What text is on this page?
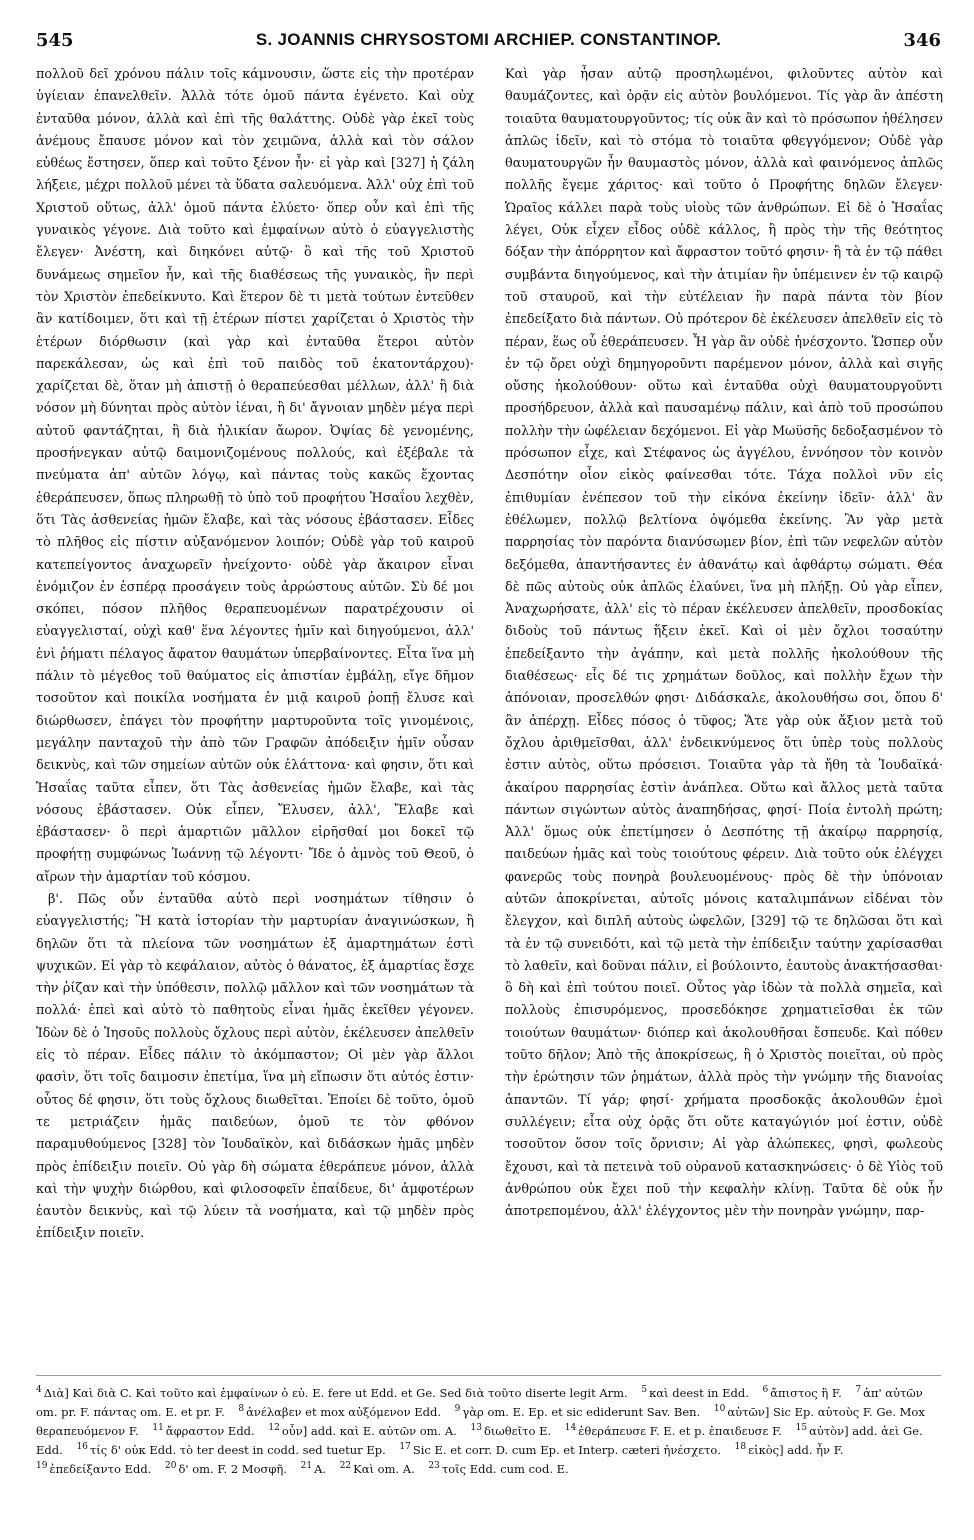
545	S. JOANNIS CHRYSOSTOMI ARCHIEP. CONSTANTINOP.	346

πολλοῦ δεῖ χρόνου πάλιν τοῖς κάμνουσιν, ὥστε εἰς τὴν προτέραν ὑγίειαν ἐπανελθεῖν. Ἀλλὰ τότε ὁμοῦ πάντα ἐγένετο. Καὶ οὐχ ἐνταῦθα μόνον, ἀλλὰ καὶ ἐπὶ τῆς θαλάττης. Οὐδὲ γὰρ ἐκεῖ τοὺς ἀνέμους ἔπαυσε μόνον καὶ τὸν χειμῶνα, ἀλλὰ καὶ τὸν σάλον εὐθέως ἔστησεν, ὅπερ καὶ τοῦτο ξένον ἦν· εἰ γὰρ καὶ [327] ἡ ζάλη λήξειε, μέχρι πολλοῦ μένει τὰ ὕδατα σαλευόμενα. Ἀλλ' οὐχ ἐπὶ τοῦ Χριστοῦ οὕτως, ἀλλ' ὁμοῦ πάντα ἐλύετο· ὅπερ οὖν καὶ ἐπὶ τῆς γυναικὸς γέγονε. Διὰ τοῦτο καὶ ἐμφαίνων αὐτὸ ὁ εὐαγγελιστὴς ἔλεγεν· Ἀνέστη, καὶ διηκόνει αὐτῷ· ὃ καὶ τῆς τοῦ Χριστοῦ δυνάμεως σημεῖον ἦν, καὶ τῆς διαθέσεως τῆς γυναικὸς, ἣν περὶ τὸν Χριστὸν ἐπεδείκνυτο. Καὶ ἕτερον δὲ τι μετὰ τούτων ἐντεῦθεν ἂν κατίδοιμεν, ὅτι καὶ τῇ ἑτέρων πίστει χαρίζεται ὁ Χριστὸς τὴν ἑτέρων διόρθωσιν (καὶ γὰρ καὶ ἐνταῦθα ἕτεροι αὐτὸν παρεκάλεσαν, ὡς καὶ ἐπὶ τοῦ παιδὸς τοῦ ἑκατοντάρχου)· χαρίζεται δὲ, ὅταν μὴ ἀπιστῇ ὁ θεραπεύεσθαι μέλλων, ἀλλ' ἢ διὰ νόσον μὴ δύνηται πρὸς αὐτὸν ἰέναι, ἢ δι' ἄγνοιαν μηδὲν μέγα περὶ αὐτοῦ φαντάζηται, ἢ διὰ ἡλικίαν ἄωρον. Ὀψίας δὲ γενομένης, προσήνεγκαν αὐτῷ δαιμονιζομένους πολλούς, καὶ ἐξέβαλε τὰ πνεύματα ἀπ' αὐτῶν λόγῳ, καὶ πάντας τοὺς κακῶς ἔχοντας ἐθεράπευσεν, ὅπως πληρωθῇ τὸ ὑπὸ τοῦ προφήτου Ἡσαΐου λεχθὲν, ὅτι Τὰς ἀσθενείας ἡμῶν ἔλαβε, καὶ τὰς νόσους ἐβάστασεν. Εἶδες τὸ πλῆθος εἰς πίστιν αὐξανόμενον λοιπόν; Οὐδὲ γὰρ τοῦ καιροῦ κατεπείγοντος ἀναχωρεῖν ἠνείχοντο· οὐδὲ γὰρ ἄκαιρον εἶναι ἐνόμιζον ἐν ἑσπέρᾳ προσάγειν τοὺς ἀρρώστους αὐτῶν. Σὺ δέ μοι σκόπει, πόσον πλῆθος θεραπευομένων παρατρέχουσιν οἱ εὐαγγελισταί, οὐχὶ καθ' ἕνα λέγοντες ἡμῖν καὶ διηγούμενοι, ἀλλ' ἑνὶ ῥήματι πέλαγος ἄφατον θαυμάτων ὑπερβαίνοντες. Εἶτα ἵνα μὴ πάλιν τὸ μέγεθος τοῦ θαύματος εἰς ἀπιστίαν ἐμβάλῃ, εἴγε δῆμον τοσοῦτον καὶ ποικίλα νοσήματα ἐν μιᾷ καιροῦ ῥοπῇ ἔλυσε καὶ διώρθωσεν, ἐπάγει τὸν προφήτην μαρτυροῦντα τοῖς γινομένοις, μεγάλην πανταχοῦ τὴν ἀπὸ τῶν Γραφῶν ἀπόδειξιν ἡμῖν οὖσαν δεικνὺς, καὶ τῶν σημείων αὐτῶν οὐκ ἐλάττονα· καὶ φησιν, ὅτι καὶ Ἡσαΐας ταῦτα εἶπεν, ὅτι Τὰς ἀσθενείας ἡμῶν ἔλαβε, καὶ τὰς νόσους ἐβάστασεν. Οὐκ εἶπεν, Ἔλυσεν, ἀλλ', Ἔλαβε καὶ ἐβάστασεν· ὃ περὶ ἁμαρτιῶν μᾶλλον εἰρῆσθαί μοι δοκεῖ τῷ προφήτῃ συμφώνως Ἰωάννῃ τῷ λέγοντι· Ἴδε ὁ ἀμνὸς τοῦ Θεοῦ, ὁ αἴρων τὴν ἁμαρτίαν τοῦ κόσμου.

β'. Πῶς οὖν ἐνταῦθα αὐτὸ περὶ νοσημάτων τίθησιν ὁ εὐαγγελιστής; Ἢ κατὰ ἱστορίαν τὴν μαρτυρίαν ἀναγινώσκων, ἢ δηλῶν ὅτι τὰ πλείονα τῶν νοσημάτων ἐξ ἁμαρτημάτων ἐστὶ ψυχικῶν. Εἰ γὰρ τὸ κεφάλαιον, αὐτὸς ὁ θάνατος, ἐξ ἁμαρτίας ἔσχε τὴν ῥίζαν καὶ τὴν ὑπόθεσιν, πολλῷ μᾶλλον καὶ τῶν νοσημάτων τὰ πολλά· ἐπεὶ καὶ αὐτὸ τὸ παθητοὺς εἶναι ἡμᾶς ἐκεῖθεν γέγονεν. Ἰδὼν δὲ ὁ Ἰησοῦς πολλοὺς ὄχλους περὶ αὐτὸν, ἐκέλευσεν ἀπελθεῖν εἰς τὸ πέραν. Εἶδες πάλιν τὸ ἀκόμπαστον; Οἱ μὲν γὰρ ἄλλοι φασὶν, ὅτι τοῖς δαιμοσιν ἐπετίμα, ἵνα μὴ εἴπωσιν ὅτι αὐτός ἐστιν· οὗτος δέ φησιν, ὅτι τοὺς ὄχλους διωθεῖται. Ἐποίει δὲ τοῦτο, ὁμοῦ τε μετριάζειν ἡμᾶς παιδεύων, ὁμοῦ τε τὸν φθόνον παραμυθούμενος [328] τὸν Ἰουδαϊκὸν, καὶ διδάσκων ἡμᾶς μηδὲν πρὸς ἐπίδειξιν ποιεῖν. Οὐ γὰρ δὴ σώματα ἐθεράπευε μόνον, ἀλλὰ καὶ τὴν ψυχὴν διώρθου, καὶ φιλοσοφεῖν ἐπαίδευε, δι' ἀμφοτέρων ἑαυτὸν δεικνὺς, καὶ τῷ λύειν τὰ νοσήματα, καὶ τῷ μηδὲν πρὸς ἐπίδειξιν ποιεῖν.

Καὶ γὰρ ἦσαν αὐτῷ προσηλωμένοι, φιλοῦντες αὐτὸν καὶ θαυμάζοντες, καὶ ὁρᾷν εἰς αὐτὸν βουλόμενοι. Τίς γὰρ ἂν ἀπέστη τοιαῦτα θαυματουργοῦντος; τίς οὐκ ἂν καὶ τὸ πρόσωπον ἠθέλησεν ἁπλῶς ἰδεῖν, καὶ τὸ στόμα τὸ τοιαῦτα φθεγγόμενον; Οὐδὲ γὰρ θαυματουργῶν ἦν θαυμαστὸς μόνον, ἀλλὰ καὶ φαινόμενος ἁπλῶς πολλῆς ἔγεμε χάριτος· καὶ τοῦτο ὁ Προφήτης δηλῶν ἔλεγεν· Ὡραῖος κάλλει παρὰ τοὺς υἱοὺς τῶν ἀνθρώπων. Εἰ δὲ ὁ Ἡσαΐας λέγει, Οὐκ εἶχεν εἶδος οὐδὲ κάλλος, ἢ πρὸς τὴν τῆς θεότητος δόξαν τὴν ἀπόρρητον καὶ ἄφραστον τοῦτό φησιν· ἢ τὰ ἐν τῷ πάθει συμβάντα διηγούμενος, καὶ τὴν ἀτιμίαν ἣν ὑπέμεινεν ἐν τῷ καιρῷ τοῦ σταυροῦ, καὶ τὴν εὐτέλειαν ἣν παρὰ πάντα τὸν βίον ἐπεδείξατο διὰ πάντων. Οὐ πρότερον δὲ ἐκέλευσεν ἀπελθεῖν εἰς τὸ πέραν, ἕως οὗ ἐθεράπευσεν. Ἦ γὰρ ἂν οὐδὲ ἠνέσχοντο. Ὥσπερ οὖν ἐν τῷ ὄρει οὐχὶ δημηγοροῦντι παρέμενον μόνον, ἀλλὰ καὶ σιγῆς οὔσης ἠκολούθουν· οὕτω καὶ ἐνταῦθα οὐχὶ θαυματουργοῦντι προσήδρευον, ἀλλὰ καὶ παυσαμένῳ πάλιν, καὶ ἀπὸ τοῦ προσώπου πολλὴν τὴν ὠφέλειαν δεχόμενοι. Εἰ γὰρ Μωϋσῆς δεδοξασμένον τὸ πρόσωπον εἶχε, καὶ Στέφανος ὡς ἀγγέλου, ἐννόησον τὸν κοινὸν Δεσπότην οἷον εἰκὸς φαίνεσθαι τότε. Τάχα πολλοὶ νῦν εἰς ἐπιθυμίαν ἐνέπεσον τοῦ τὴν εἰκόνα ἐκείνην ἰδεῖν· ἀλλ' ἂν ἐθέλωμεν, πολλῷ βελτίονα ὀψόμεθα ἐκείνης. Ἂν γὰρ μετὰ παρρησίας τὸν παρόντα διανύσωμεν βίον, ἐπὶ τῶν νεφελῶν αὐτὸν δεξόμεθα, ἀπαντήσαντες ἐν ἀθανάτῳ καὶ ἀφθάρτῳ σώματι. Θέα δὲ πῶς αὐτοὺς οὐκ ἁπλῶς ἐλαύνει, ἵνα μὴ πλήξῃ. Οὐ γὰρ εἶπεν, Ἀναχωρήσατε, ἀλλ' εἰς τὸ πέραν ἐκέλευσεν ἀπελθεῖν, προσδοκίας διδοὺς τοῦ πάντως ἥξειν ἐκεῖ. Καὶ οἱ μὲν ὄχλοι τοσαύτην ἐπεδείξαντο τὴν ἀγάπην, καὶ μετὰ πολλῆς ἠκολούθουν τῆς διαθέσεως· εἷς δέ τις χρημάτων δοῦλος, καὶ πολλὴν ἔχων τὴν ἀπόνοιαν, προσελθών φησι· Διδάσκαλε, ἀκολουθήσω σοι, ὅπου δ' ἂν ἀπέρχῃ. Εἶδες πόσος ὁ τῦφος; Ἅτε γὰρ οὐκ ἄξιον μετὰ τοῦ ὄχλου ἀριθμεῖσθαι, ἀλλ' ἐνδεικνύμενος ὅτι ὑπὲρ τοὺς πολλοὺς ἐστιν αὐτὸς, οὕτω πρόσεισι. Τοιαῦτα γὰρ τὰ ἤθη τὰ Ἰουδαϊκά· ἀκαίρου παρρησίας ἐστὶν ἀνάπλεα. Οὕτω καὶ ἄλλος μετὰ ταῦτα πάντων σιγώντων αὐτὸς ἀναπηδήσας, φησί· Ποία ἐντολὴ πρώτη; Ἀλλ' ὅμως οὐκ ἐπετίμησεν ὁ Δεσπότης τῇ ἀκαίρῳ παρρησίᾳ, παιδεύων ἡμᾶς καὶ τοὺς τοιούτους φέρειν. Διὰ τοῦτο οὐκ ἐλέγχει φανερῶς τοὺς πονηρὰ βουλευομένους· πρὸς δὲ τὴν ὑπόνοιαν αὐτῶν ἀποκρίνεται, αὐτοῖς μόνοις καταλιμπάνων εἰδέναι τὸν ἔλεγχον, καὶ διπλῆ αὐτοὺς ὠφελῶν, [329] τῷ τε δηλῶσαι ὅτι καὶ τὰ ἐν τῷ συνειδότι, καὶ τῷ μετὰ τὴν ἐπίδειξιν ταύτην χαρίσασθαι τὸ λαθεῖν, καὶ δοῦναι πάλιν, εἰ βούλοιντο, ἑαυτοὺς ἀνακτήσασθαι· ὃ δὴ καὶ ἐπὶ τούτου ποιεῖ. Οὗτος γὰρ ἰδὼν τὰ πολλὰ σημεῖα, καὶ πολλοὺς ἐπισυρόμενος, προσεδόκησε χρηματιεῖσθαι ἐκ τῶν τοιούτων θαυμάτων· διόπερ καὶ ἀκολουθῆσαι ἔσπευδε. Καὶ πόθεν τοῦτο δῆλον; Ἀπὸ τῆς ἀποκρίσεως, ἣ ὁ Χριστὸς ποιεῖται, οὐ πρὸς τὴν ἐρώτησιν τῶν ῥημάτων, ἀλλὰ πρὸς τὴν γνώμην τῆς διανοίας ἀπαντῶν. Τί γάρ; φησί· χρήματα προσδοκᾷς ἀκολουθῶν ἐμοὶ συλλέγειν; εἶτα οὐχ ὁρᾷς ὅτι οὔτε καταγώγιόν μοί ἐστιν, οὐδὲ τοσοῦτον ὅσον τοῖς ὄρνισιν; Αἱ γὰρ ἀλώπεκες, φησὶ, φωλεοὺς ἔχουσι, καὶ τὰ πετεινὰ τοῦ οὐρανοῦ κατασκηνώσεις· ὁ δὲ Υἱὸς τοῦ ἀνθρώπου οὐκ ἔχει ποῦ τὴν κεφαλὴν κλίνῃ. Ταῦτα δὲ οὐκ ἦν ἀποτρεπομένου, ἀλλ' ἐλέγχοντος μὲν τὴν πονηρὰν γνώμην, παρ-

$^4$ Διὰ] Καὶ διὰ C. Καὶ τοῦτο καὶ ἐμφαίνων ὁ εὐ. E. fere ut Edd. et Ge. Sed διὰ τοῦτο diserte legit Arm. $^5$ καὶ deest in Edd. $^6$ ἄπιστος ἢ F. $^7$ ἀπ' αὐτῶν om. pr. F. πάντας om. E. et pr. F. $^8$ ἀνέλαβεν et mox αὐξόμενον Edd. $^9$ γὰρ om. E. Ep. et sic ediderunt Sav. Ben. $^{10}$ αὐτῶν] Sic Ep. αὐτοὺς F. Ge. Mox θεραπευόμενον F. $^{11}$ ἄφραστον Edd. $^{12}$ οὖν] add. καὶ E. αὐτῶν om. A. $^{13}$ διωθεῖτο E. $^{14}$ ἐθεράπευσε F. E. et p. ἐπαιδευσε F. $^{15}$ αὐτὸν] add. ἀεὶ Ge. Edd. $^{16}$ τίς δ' οὐκ Edd. τὸ ter deest in codd. sed tuetur Ep. $^{17}$ Sic E. et corr. D. cum Ep. et Interp. cæteri ἠνέσχετο. $^{18}$ εἰκὸς] add. ἦν F. $^{19}$ ἐπεδείξαντο Edd. $^{20}$ δ' om. F. 2 Μοσφῆ. $^{21}$ A. $^{22}$ Καὶ om. A. $^{23}$ τοῖς Edd. cum cod. E.
